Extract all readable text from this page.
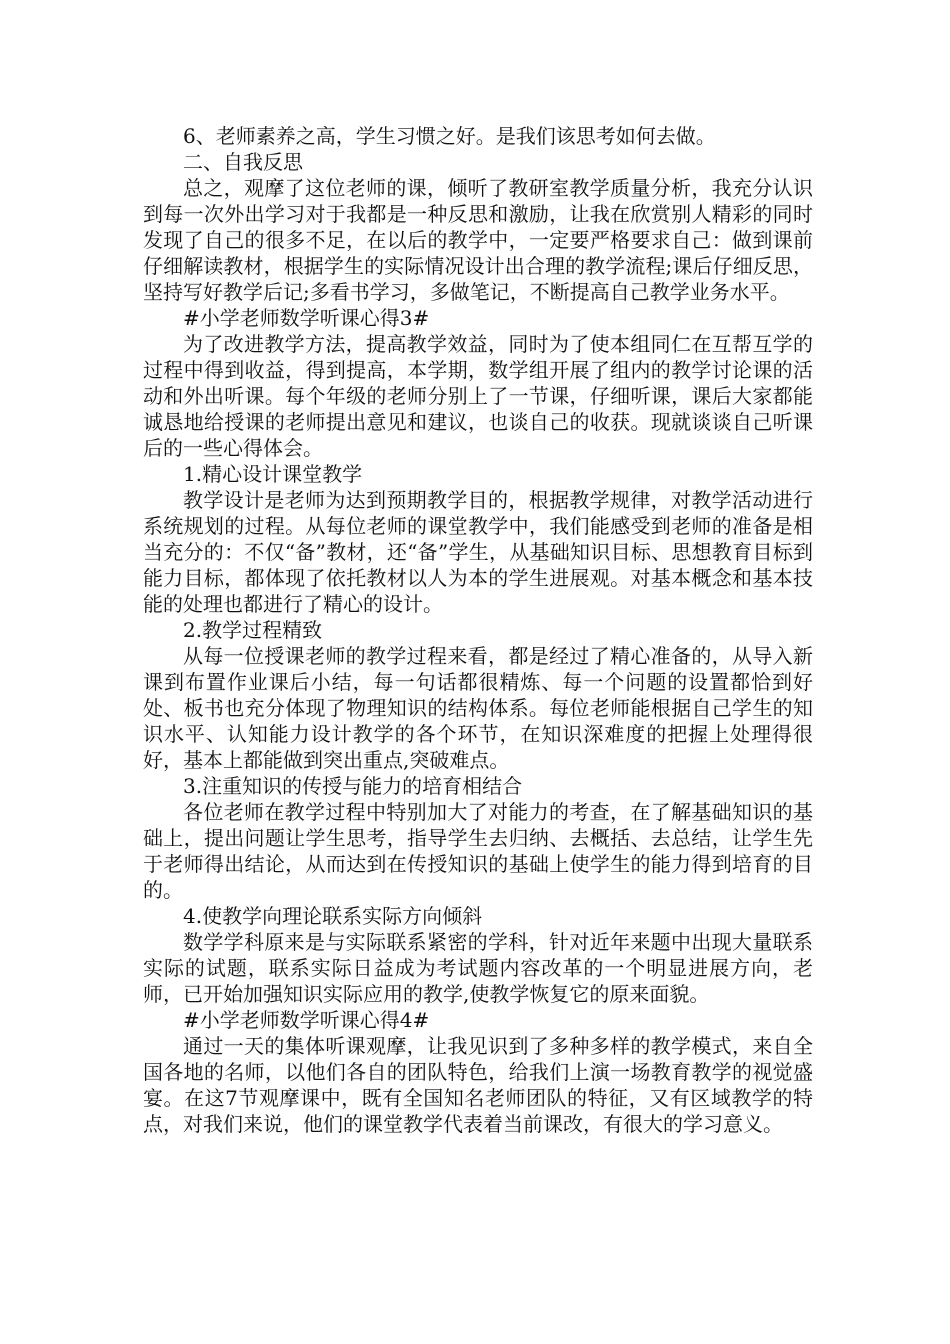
6、老师素养之高，学生习惯之好。是我们该思考如何去做。

二、自我反思

总之，观摩了这位老师的课，倾听了教研室教学质量分析，我充分认识到每一次外出学习对于我都是一种反思和激励，让我在欣赏别人精彩的同时发现了自己的很多不足，在以后的教学中，一定要严格要求自己：做到课前仔细解读教材，根据学生的实际情况设计出合理的教学流程;课后仔细反思，坚持写好教学后记;多看书学习，多做笔记，不断提高自己教学业务水平。

#小学老师数学听课心得3#

为了改进教学方法，提高教学效益，同时为了使本组同仁在互帮互学的过程中得到收益，得到提高，本学期，数学组开展了组内的教学讨论课的活动和外出听课。每个年级的老师分别上了一节课，仔细听课，课后大家都能诚恳地给授课的老师提出意见和建议，也谈自己的收获。现就谈谈自己听课后的一些心得体会。

1.精心设计课堂教学

教学设计是老师为达到预期教学目的，根据教学规律，对教学活动进行系统规划的过程。从每位老师的课堂教学中，我们能感受到老师的准备是相当充分的：不仅“备”教材，还“备”学生，从基础知识目标、思想教育目标到能力目标，都体现了依托教材以人为本的学生进展观。对基本概念和基本技能的处理也都进行了精心的设计。

2.教学过程精致

从每一位授课老师的教学过程来看，都是经过了精心准备的，从导入新课到布置作业课后小结，每一句话都很精炼、每一个问题的设置都恰到好处、板书也充分体现了物理知识的结构体系。每位老师能根据自己学生的知识水平、认知能力设计教学的各个环节，在知识深难度的把握上处理得很好，基本上都能做到突出重点,突破难点。

3.注重知识的传授与能力的培育相结合

各位老师在教学过程中特别加大了对能力的考查，在了解基础知识的基础上，提出问题让学生思考，指导学生去归纳、去概括、去总结，让学生先于老师得出结论，从而达到在传授知识的基础上使学生的能力得到培育的目的。

4.使教学向理论联系实际方向倾斜

数学学科原来是与实际联系紧密的学科，针对近年来题中出现大量联系实际的试题，联系实际日益成为考试题内容改革的一个明显进展方向，老师，已开始加强知识实际应用的教学,使教学恢复它的原来面貌。

#小学老师数学听课心得4#

通过一天的集体听课观摩，让我见识到了多种多样的教学模式，来自全国各地的名师，以他们各自的团队特色，给我们上演一场教育教学的视觉盛宴。在这7节观摩课中，既有全国知名老师团队的特征，又有区域教学的特点，对我们来说，他们的课堂教学代表着当前课改，有很大的学习意义。
